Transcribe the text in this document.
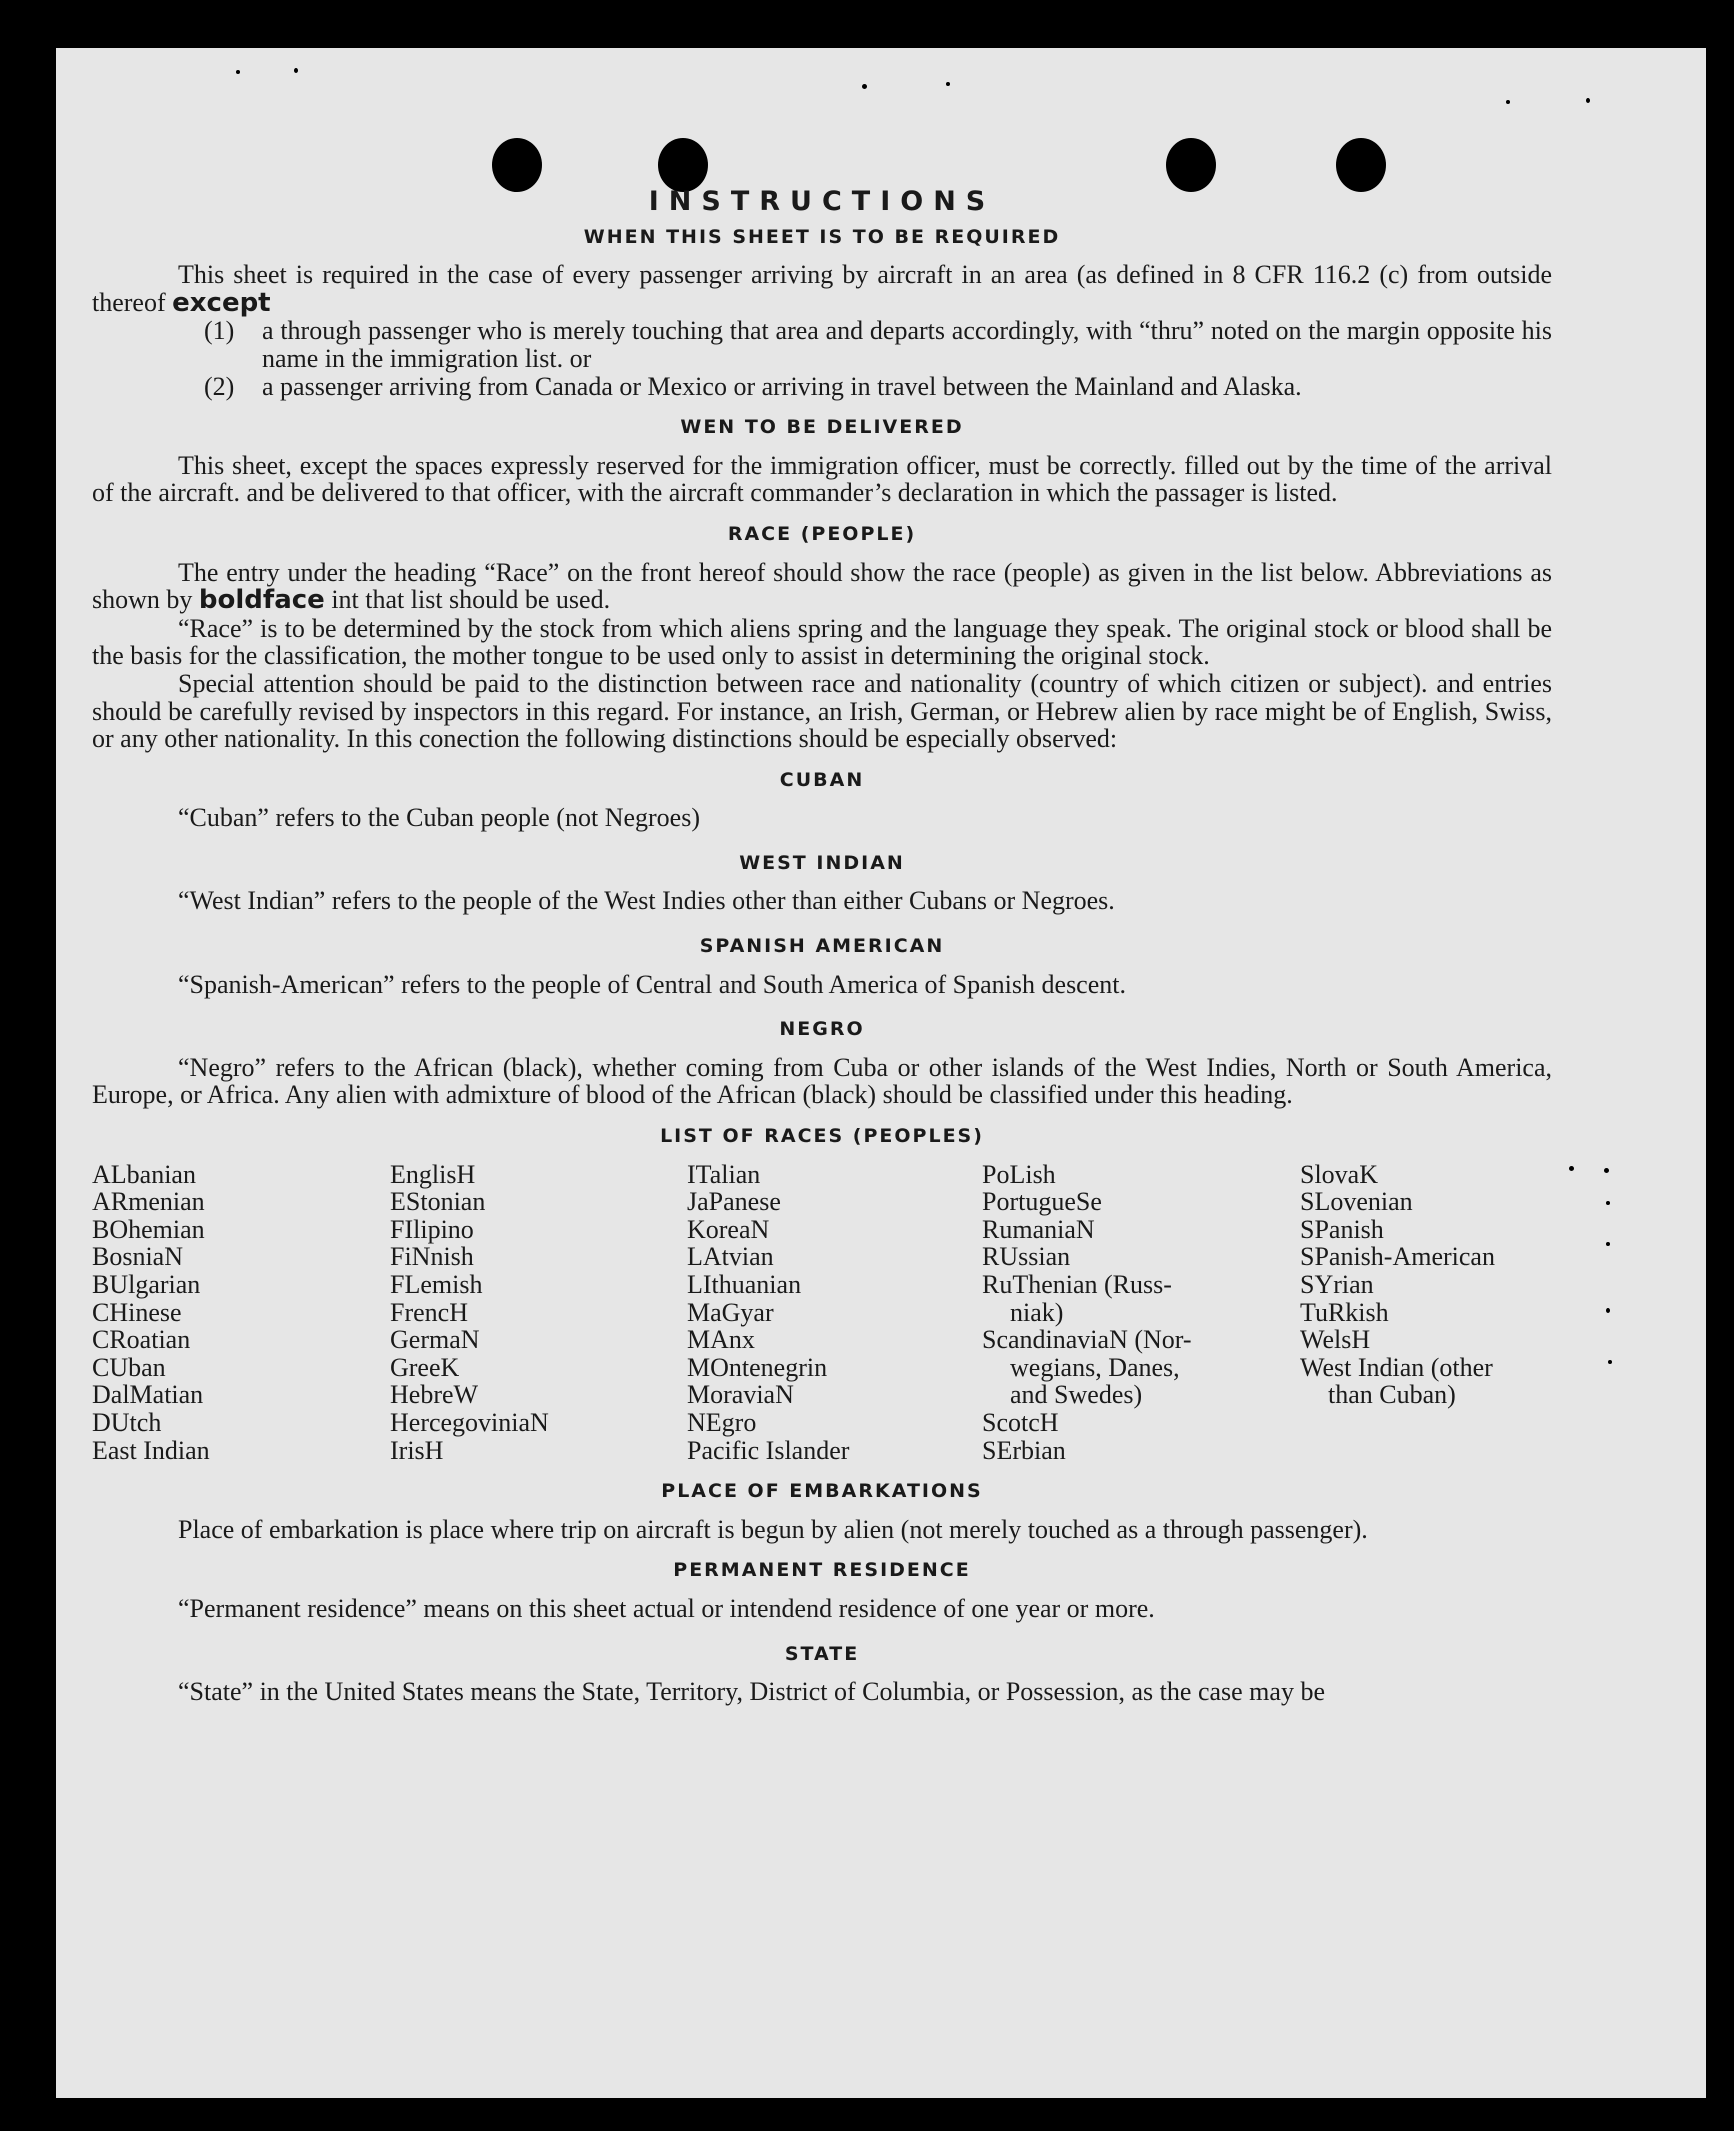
INSTRUCTIONS
WHEN THIS SHEET IS TO BE REQUIRED

This sheet is required in the case of every passenger arriving by aircraft in an area (as defined in 8 CFR 116.2 (c) from outside thereof except

(1)	a through passenger who is merely touching that area and departs accordingly, with “thru” noted on the margin opposite his name in the immigration list. or
(2)	a passenger arriving from Canada or Mexico or arriving in travel between the Mainland and Alaska.
WEN TO BE DELIVERED

This sheet, except the spaces expressly reserved for the immigration officer, must be correctly. filled out by the time of the arrival of the aircraft. and be delivered to that officer, with the aircraft commander’s declaration in which the passager is listed.

RACE (PEOPLE)

The entry under the heading “Race” on the front hereof should show the race (people) as given in the list below. Abbreviations as shown by boldface int that list should be used.

“Race” is to be determined by the stock from which aliens spring and the language they speak. The original stock or blood shall be the basis for the classification, the mother tongue to be used only to assist in determining the original stock.

Special attention should be paid to the distinction between race and nationality (country of which citizen or subject). and entries should be carefully revised by inspectors in this regard. For instance, an Irish, German, or Hebrew alien by race might be of English, Swiss, or any other nationality. In this conection the following distinctions should be especially observed:

CUBAN

“Cuban” refers to the Cuban people (not Negroes)

WEST INDIAN

“West Indian” refers to the people of the West Indies other than either Cubans or Negroes.

SPANISH AMERICAN

“Spanish-American” refers to the people of Central and South America of Spanish descent.

NEGRO

“Negro” refers to the African (black), whether coming from Cuba or other islands of the West Indies, North or South America, Europe, or Africa. Any alien with admixture of blood of the African (black) should be classified under this heading.

LIST OF RACES (PEOPLES)
ALbanian
ARmenian
BOhemian
BosniaN
BUlgarian
CHinese
CRoatian
CUban
DalMatian
DUtch
East Indian
EnglisH
EStonian
FIlipino
FiNnish
FLemish
FrencH
GermaN
GreeK
HebreW
HercegoviniaN
IrisH
ITalian
JaPanese
KoreaN
LAtvian
LIthuanian
MaGyar
MAnx
MOntenegrin
MoraviaN
NEgro
Pacific Islander
PoLish
PortugueSe
RumaniaN
RUssian
RuThenian (Russ-
niak)
ScandinaviaN (Nor-
wegians, Danes,
and Swedes)
ScotcH
SErbian
SlovaK
SLovenian
SPanish
SPanish-American
SYrian
TuRkish
WelsH
West Indian (other
than Cuban)
PLACE OF EMBARKATIONS

Place of embarkation is place where trip on aircraft is begun by alien (not merely touched as a through passenger).

PERMANENT RESIDENCE

“Permanent residence” means on this sheet actual or intendend residence of one year or more.

STATE

“State” in the United States means the State, Territory, District of Columbia, or Possession, as the case may be
